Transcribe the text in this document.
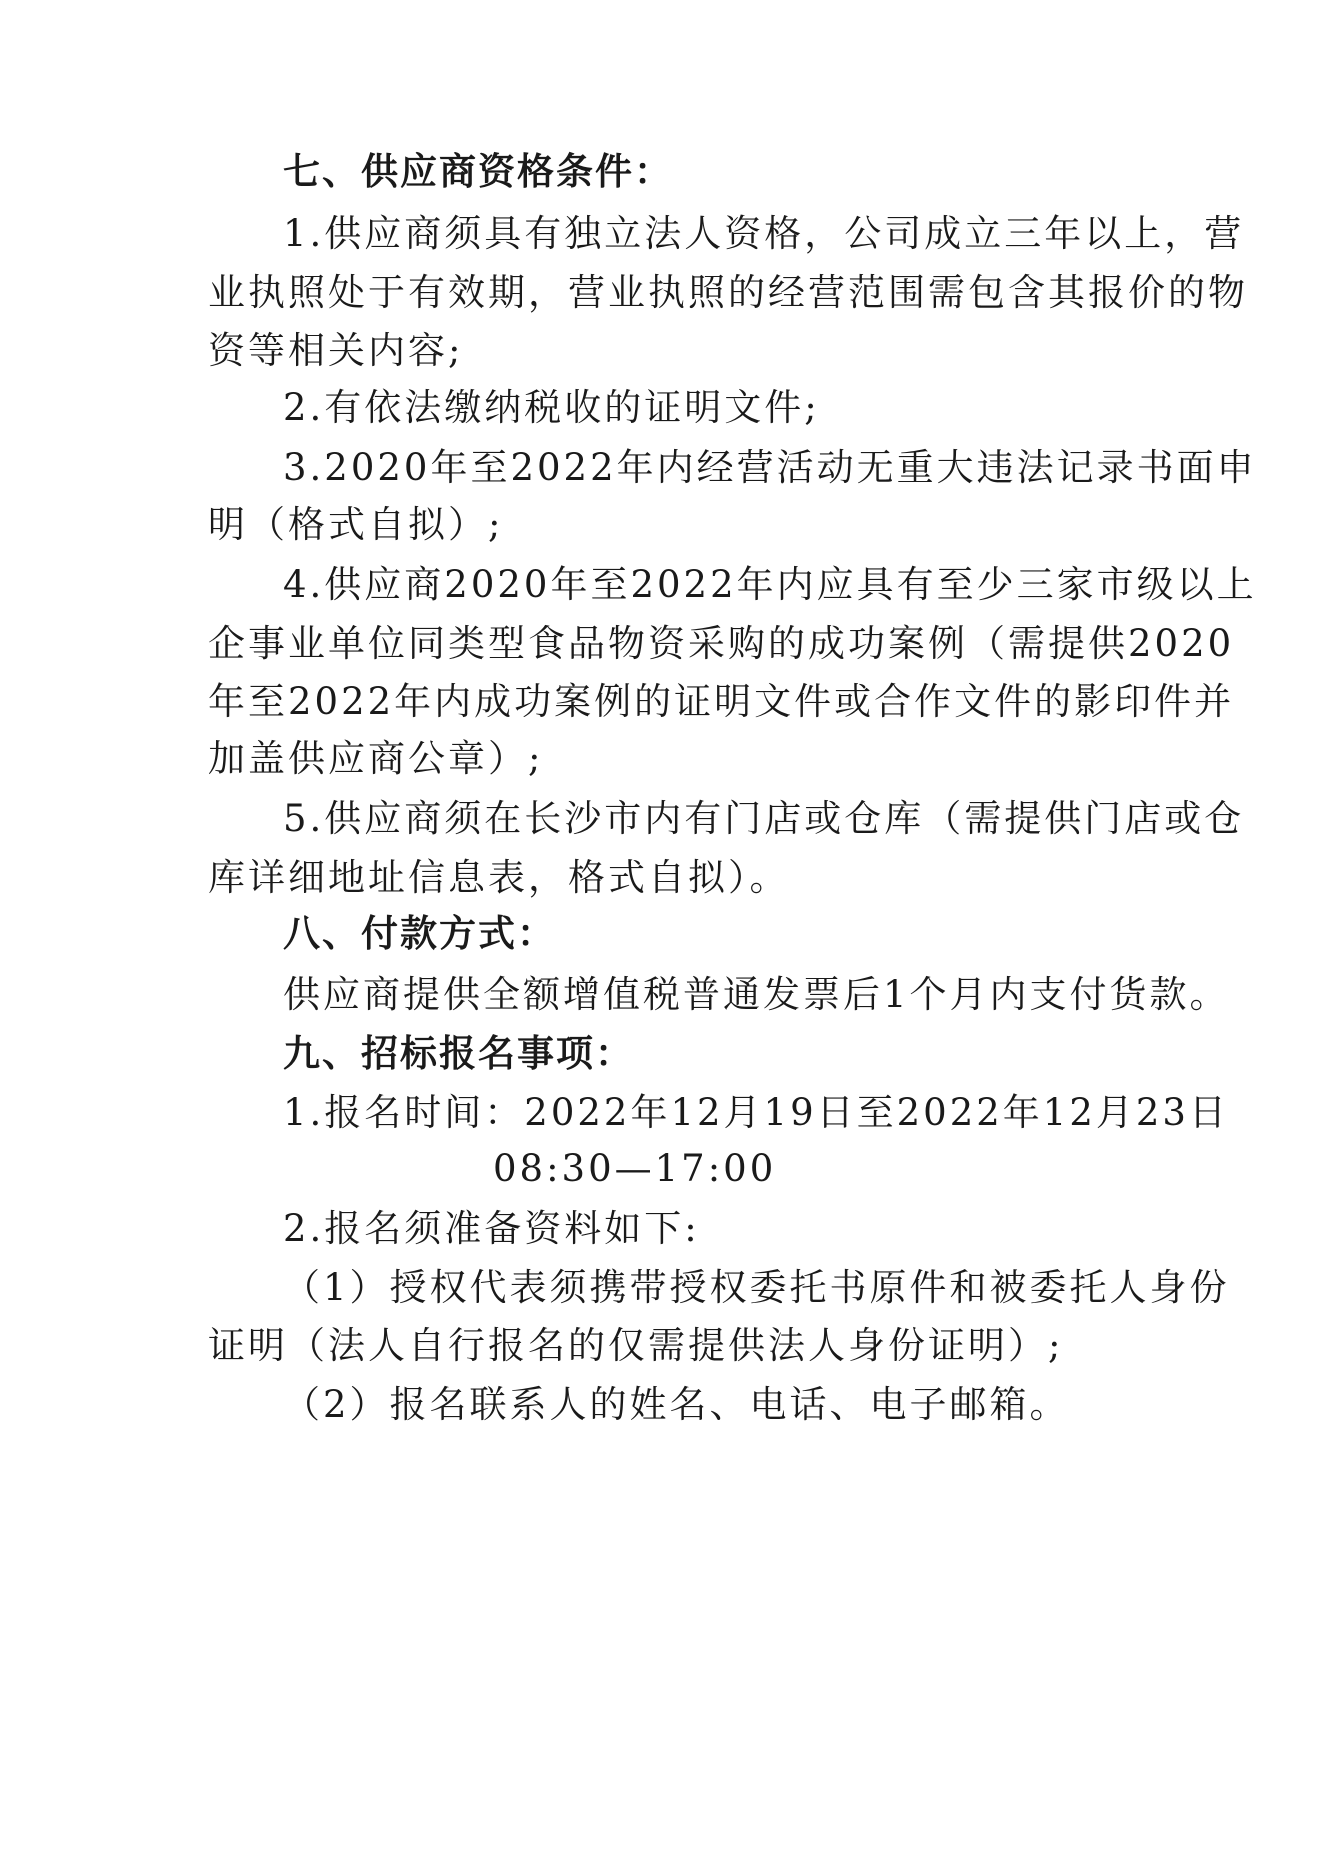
七、供应商资格条件：
1.供应商须具有独立法人资格，公司成立三年以上，营
业执照处于有效期，营业执照的经营范围需包含其报价的物
资等相关内容;
2.有依法缴纳税收的证明文件;
3.2020年至2022年内经营活动无重大违法记录书面申
明（格式自拟）;
4.供应商2020年至2022年内应具有至少三家市级以上
企事业单位同类型食品物资采购的成功案例（需提供2020
年至2022年内成功案例的证明文件或合作文件的影印件并
加盖供应商公章）;
5.供应商须在长沙市内有门店或仓库（需提供门店或仓
库详细地址信息表，格式自拟）。
八、付款方式：
供应商提供全额增值税普通发票后1个月内支付货款。
九、招标报名事项：
1.报名时间：2022年12月19日至2022年12月23日
08:30—17:00
2.报名须准备资料如下:
（1）授权代表须携带授权委托书原件和被委托人身份
证明（法人自行报名的仅需提供法人身份证明）;
（2）报名联系人的姓名、电话、电子邮箱。
